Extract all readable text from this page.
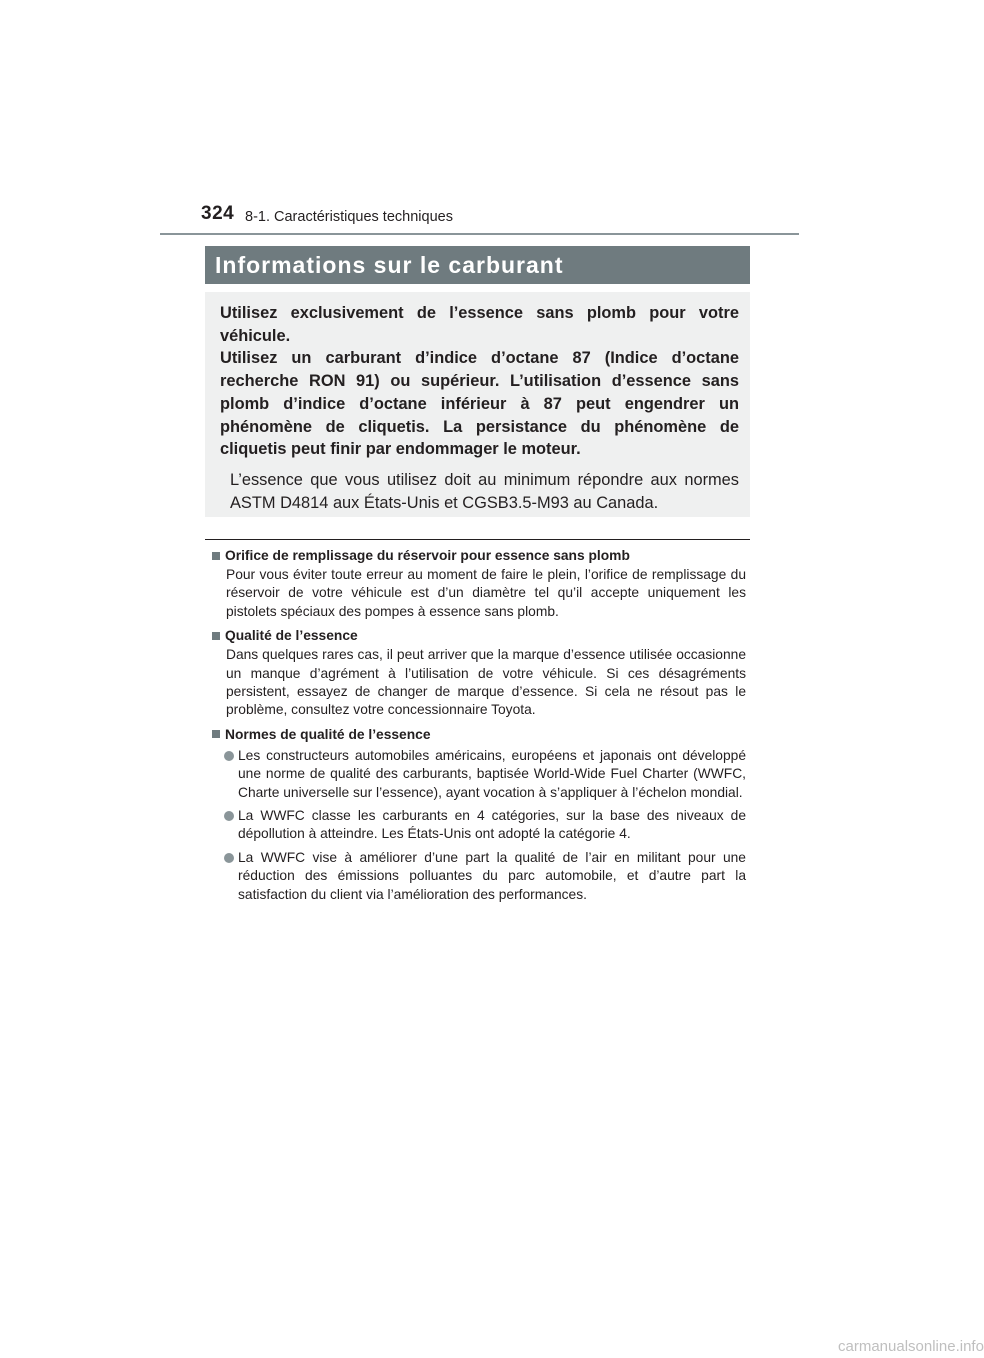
324 8-1. Caractéristiques techniques
Informations sur le carburant

Utilisez exclusivement de l’essence sans plomb pour votre véhicule.

Utilisez un carburant d’indice d’octane 87 (Indice d’octane recherche RON 91) ou supérieur. L’utilisation d’essence sans plomb d’indice d’octane inférieur à 87 peut engendrer un phénomène de cliquetis. La persistance du phénomène de cliquetis peut finir par endommager le moteur.

L’essence que vous utilisez doit au minimum répondre aux normes ASTM D4814 aux États-Unis et CGSB3.5-M93 au Canada.

Orifice de remplissage du réservoir pour essence sans plomb

Pour vous éviter toute erreur au moment de faire le plein, l’orifice de remplissage du réservoir de votre véhicule est d’un diamètre tel qu’il accepte uniquement les pistolets spéciaux des pompes à essence sans plomb.

Qualité de l’essence

Dans quelques rares cas, il peut arriver que la marque d’essence utilisée occasionne un manque d’agrément à l’utilisation de votre véhicule. Si ces désagréments persistent, essayez de changer de marque d’essence. Si cela ne résout pas le problème, consultez votre concessionnaire Toyota.

Normes de qualité de l’essence

Les constructeurs automobiles américains, européens et japonais ont développé une norme de qualité des carburants, baptisée World-Wide Fuel Charter (WWFC, Charte universelle sur l’essence), ayant vocation à s’appliquer à l’échelon mondial.
La WWFC classe les carburants en 4 catégories, sur la base des niveaux de dépollution à atteindre. Les États-Unis ont adopté la catégorie 4.
La WWFC vise à améliorer d’une part la qualité de l’air en militant pour une réduction des émissions polluantes du parc automobile, et d’autre part la satisfaction du client via l’amélioration des performances.
carmanualsonline.info
